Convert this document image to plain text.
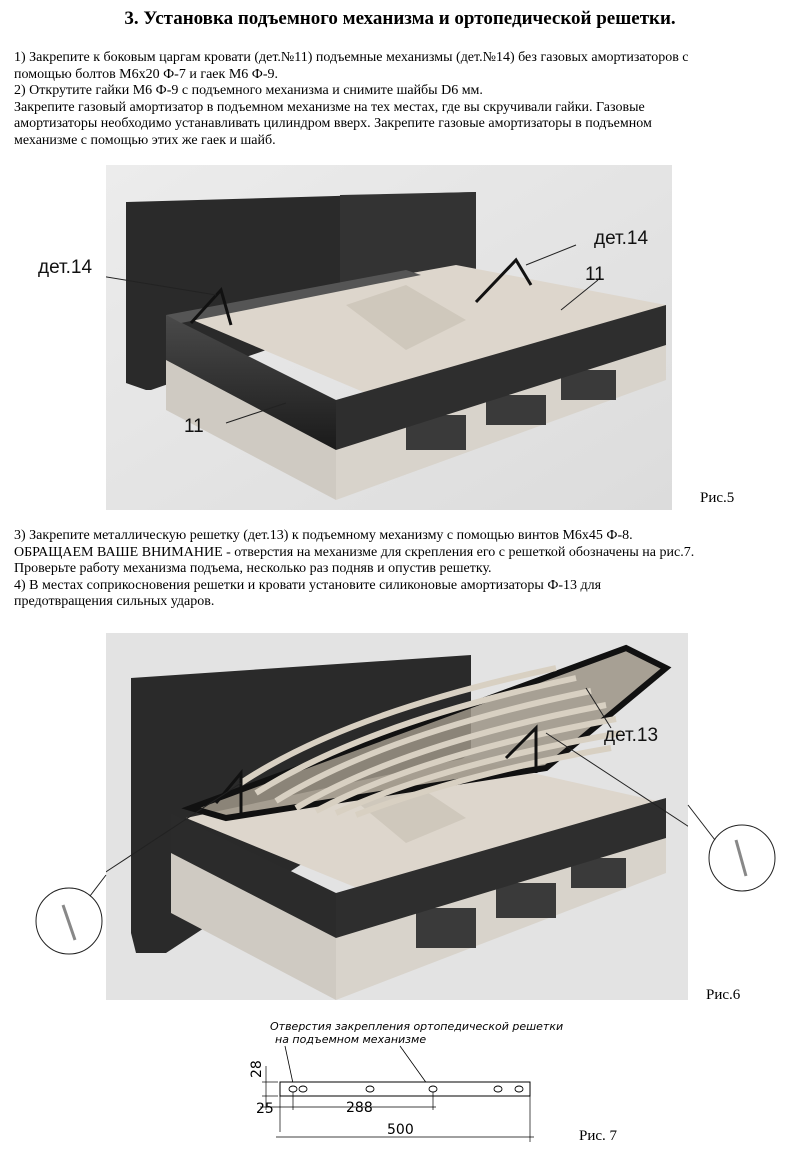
3. Установка подъемного механизма и ортопедической решетки.

1) Закрепите к боковым царгам кровати (дет.№11) подъемные механизмы (дет.№14) без газовых амортизаторов с

помощью болтов М6х20 Ф-7 и гаек М6 Ф-9.

2) Открутите гайки М6 Ф-9 с подъемного механизма и снимите шайбы D6 мм.

Закрепите газовый амортизатор в подъемном механизме на тех местах, где вы скручивали гайки. Газовые

амортизаторы необходимо устанавливать цилиндром вверх. Закрепите газовые амортизаторы в подъемном

механизме с помощью этих же гаек и шайб.

дет.14
дет.14
11
11
Рис.5

3) Закрепите металлическую решетку (дет.13) к подъемному механизму с помощью винтов М6х45 Ф-8.

ОБРАЩАЕМ ВАШЕ ВНИМАНИЕ - отверстия на механизме для скрепления его с решеткой обозначены на рис.7.

Проверьте работу механизма подъема, несколько раз подняв и опустив решетку.

4) В местах соприкосновения решетки и кровати установите силиконовые амортизаторы Ф-13 для

предотвращения сильных ударов.

дет.13
Рис.6
Отверстия закрепления ортопедической решетки
на подъемном механизме
28
25	288
500	Рис. 7
